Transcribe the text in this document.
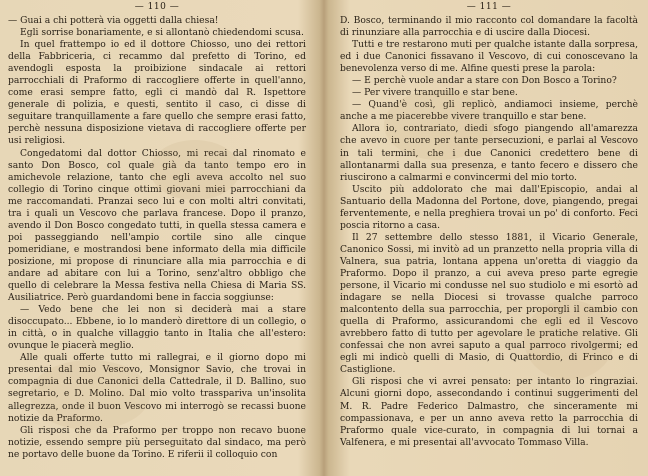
— 110 —

— Guai a chi potterà via oggetti dalla chiesa!

Egli sorrise bonariamente, e si allontanò chiedendomi scusa.

In quel frattempo io ed il dottore Chiosso, uno dei rettori della Fabbriceria, ci recammo dal prefetto di Torino, ed avendogli esposta la proibizione sindacale ai rettori parrocchiali di Praformo di raccogliere offerte in quell'anno, come erasi sempre fatto, egli ci mandò dal R. Ispettore generale di polizia, e questi, sentito il caso, ci disse di seguitare tranquillamente a fare quello che sempre erasi fatto, perchè nessuna disposizione vietava di raccogliere offerte per usi religiosi.

Congedatomi dal dottor Chiosso, mi recai dal rinomato e santo Don Bosco, col quale già da tanto tempo ero in amichevole relazione, tanto che egli aveva accolto nel suo collegio di Torino cinque ottimi giovani miei parrocchiani da me raccomandati. Pranzai seco lui e con molti altri convitati, tra i quali un Vescovo che parlava francese. Dopo il pranzo, avendo il Don Bosco congedato tutti, in quella stessa camera e poi passeggiando nell'ampio cortile sino alle cinque pomeridiane, e mostrandosi bene informato della mia difficile posizione, mi propose di rinunciare alla mia parrocchia e di andare ad abitare con lui a Torino, senz'altro obbligo che quello di celebrare la Messa festiva nella Chiesa di Maria SS. Ausiliatrice. Però guardandomi bene in faccia soggiunse:

— Vedo bene che lei non si deciderà mai a stare disoccupato... Ebbene, io lo manderò direttore di un collegio, o in città, o in qualche villaggio tanto in Italia che all'estero: ovunque le piacerà meglio.

Alle quali offerte tutto mi rallegrai, e il giorno dopo mi presentai dal mio Vescovo, Monsignor Savio, che trovai in compagnia di due Canonici della Cattedrale, il D. Ballino, suo segretario, e D. Molino. Dal mio volto trasspariva un'insolita allegrezza, onde il buon Vescovo mi interrogò se recassi buone notizie da Praformo.

Gli risposi che da Praformo per troppo non recavo buone notizie, essendo sempre più perseguitato dal sindaco, ma però ne portavo delle buone da Torino. E riferii il colloquio con

— 111 —

D. Bosco, terminando il mio racconto col domandare la facoltà di rinunziare alla parrocchia e di uscire dalla Diocesi.

Tutti e tre restarono muti per qualche istante dalla sorpresa, ed i due Canonici fissavano il Vescovo, di cui conoscevano la benevolenza verso di me. Alfine questi prese la parola:

— E perchè vuole andar a stare con Don Bosco a Torino?

— Per vivere tranquillo e star bene.

— Quand'è così, gli replicò, andiamoci insieme, perchè anche a me piacerebbe vivere tranquillo e star bene.

Allora io, contrariato, diedi sfogo piangendo all'amarezza che avevo in cuore per tante persecuzioni, e parlai al Vescovo in tali termini, che i due Canonici credettero bene di allontanarmi dalla sua presenza, e tanto fecero e dissero che riuscirono a calmarmi e convincermi del mio torto.

Uscito più addolorato che mai dall'Episcopio, andai al Santuario della Madonna del Portone, dove, piangendo, pregai ferventemente, e nella preghiera trovai un po' di conforto. Feci poscia ritorno a casa.

Il 27 settembre dello stesso 1881, il Vicario Generale, Canonico Sossi, mi invitò ad un pranzetto nella propria villa di Valnera, sua patria, lontana appena un'oretta di viaggio da Praformo. Dopo il pranzo, a cui aveva preso parte egregie persone, il Vicario mi condusse nel suo studiolo e mi esortò ad indagare se nella Diocesi si trovasse qualche parroco malcontento della sua parrocchia, per proporgli il cambio con quella di Praformo, assicurandomi che egli ed il Vescovo avrebbero fatto di tutto per agevolare le pratiche relative. Gli confessai che non avrei saputo a qual parroco rivolgermi; ed egli mi indicò quelli di Masio, di Quattordio, di Frinco e di Castiglione.

Gli risposi che vi avrei pensato: per intanto lo ringraziai. Alcuni giorni dopo, assecondando i continui suggerimenti del M. R. Padre Federico Dalmastro, che sinceramente mi compassionava, e per un anno aveva retto la parrocchia di Praformo quale vice-curato, in compagnia di lui tornai a Valfenera, e mi presentai all'avvocato Tommaso Villa.
